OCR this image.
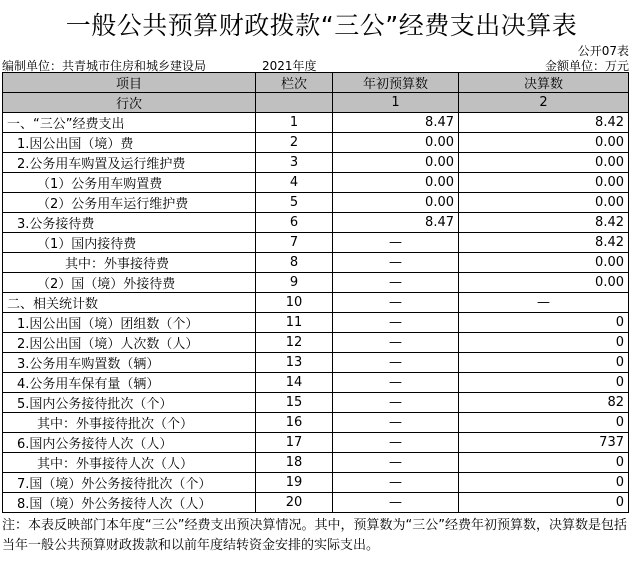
一般公共预算财政拨款“三公”经费支出决算表
公开07表
编制单位：共青城市住房和城乡建设局	2021年度	金额单位：万元
项目	栏次	年初预算数	决算数
行次		1	2
一、“三公”经费支出	1	8.47	8.42
1.因公出国（境）费	2	0.00	0.00
2.公务用车购置及运行维护费	3	0.00	0.00
（1）公务用车购置费	4	0.00	0.00
（2）公务用车运行维护费	5	0.00	0.00
3.公务接待费	6	8.47	8.42
（1）国内接待费	7	—	8.42
其中：外事接待费	8	—	0.00
（2）国（境）外接待费	9	—	0.00
二、相关统计数	10	—	—
1.因公出国（境）团组数（个）	11	—	0
2.因公出国（境）人次数（人）	12	—	0
3.公务用车购置数（辆）	13	—	0
4.公务用车保有量（辆）	14	—	0
5.国内公务接待批次（个）	15	—	82
其中：外事接待批次（个）	16	—	0
6.国内公务接待人次（人）	17	—	737
其中：外事接待人次（人）	18	—	0
7.国（境）外公务接待批次（个）	19	—	0
8.国（境）外公务接待人次（人）	20	—	0
注：本表反映部门本年度“三公”经费支出预决算情况。其中，预算数为“三公”经费年初预算数，决算数是包括当年一般公共预算财政拨款和以前年度结转资金安排的实际支出。
